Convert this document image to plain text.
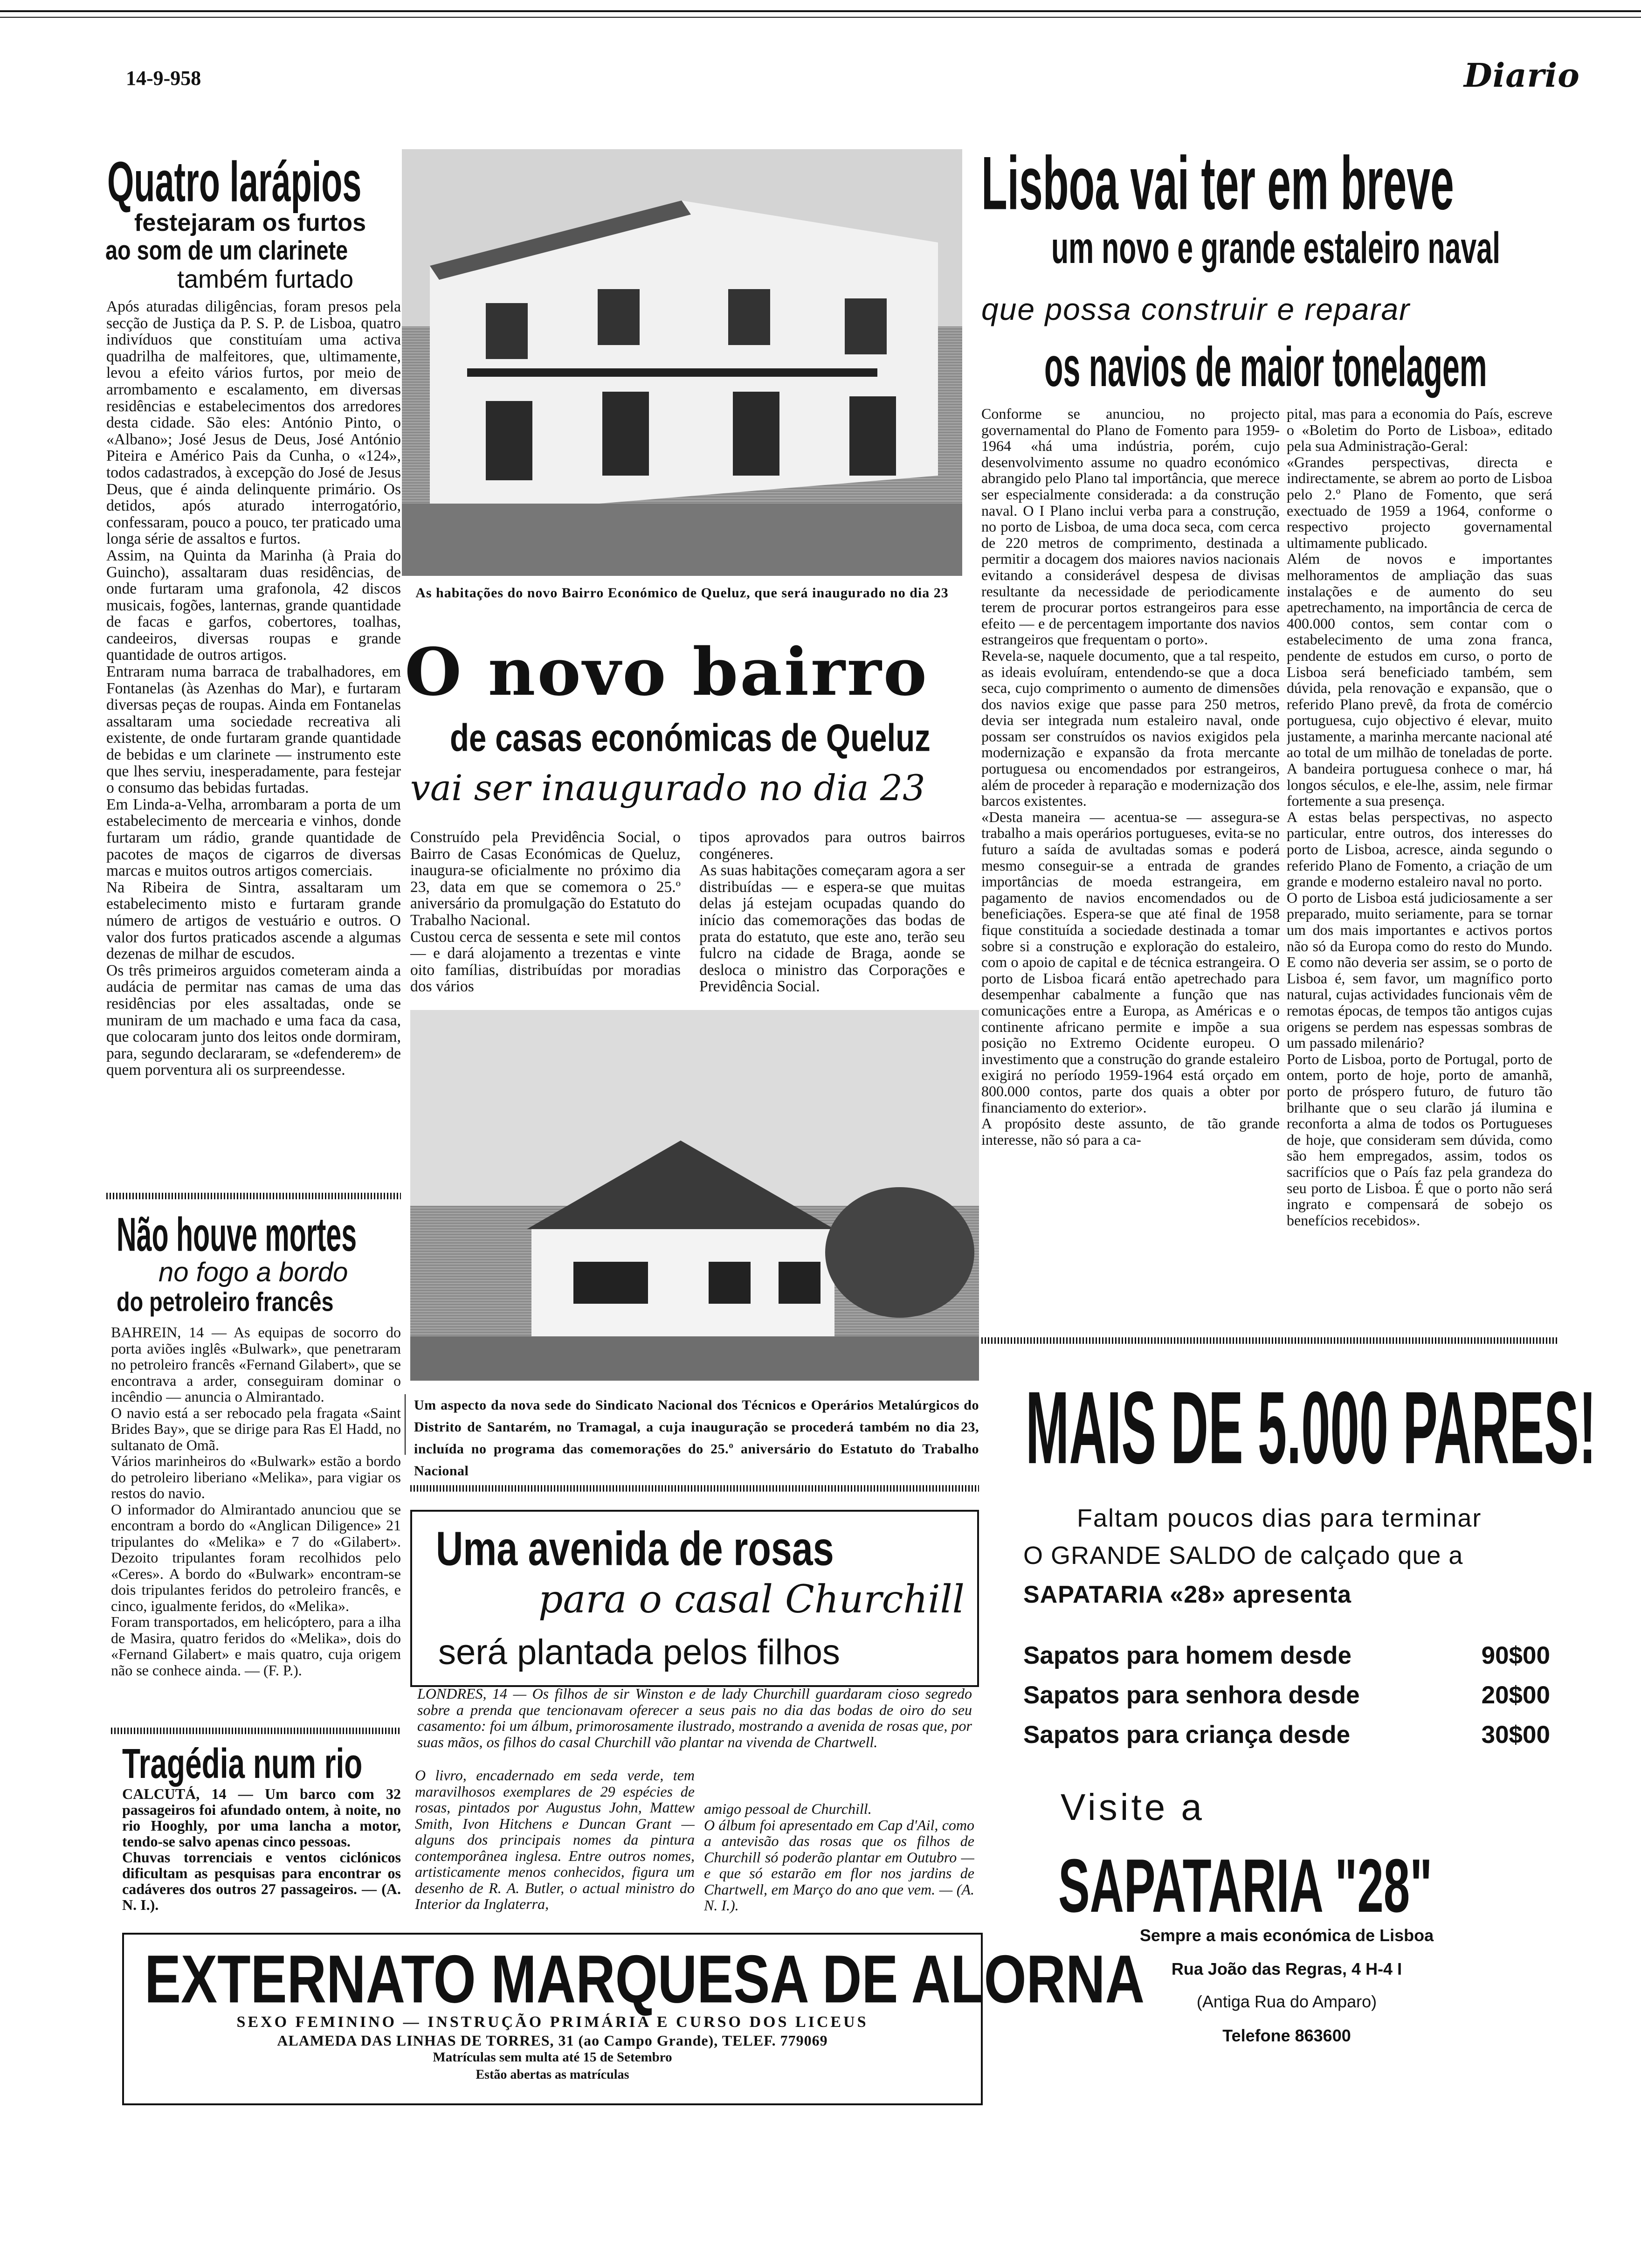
14-9-958	Diario
Quatro larápios
festejaram os furtos
ao som de um clarinete
também furtado
Após aturadas diligências, foram presos pela secção de Justiça da P. S. P. de Lisboa, quatro indivíduos que constituíam uma activa quadrilha de malfeitores, que, ultimamente, levou a efeito vários furtos, por meio de arrombamento e escalamento, em diversas residências e estabelecimentos dos arredores desta cidade. São eles: António Pinto, o «Albano»; José Jesus de Deus, José António Piteira e Américo Pais da Cunha, o «124», todos cadastrados, à excepção do José de Jesus Deus, que é ainda delinquente primário. Os detidos, após aturado interrogatório, confessaram, pouco a pouco, ter praticado uma longa série de assaltos e furtos.
Assim, na Quinta da Marinha (à Praia do Guincho), assaltaram duas residências, de onde furtaram uma grafonola, 42 discos musicais, fogões, lanternas, grande quantidade de facas e garfos, cobertores, toalhas, candeeiros, diversas roupas e grande quantidade de outros artigos.
Entraram numa barraca de trabalhadores, em Fontanelas (às Azenhas do Mar), e furtaram diversas peças de roupas. Ainda em Fontanelas assaltaram uma sociedade recreativa ali existente, de onde furtaram grande quantidade de bebidas e um clarinete — instrumento este que lhes serviu, inesperadamente, para festejar o consumo das bebidas furtadas.
Em Linda-a-Velha, arrombaram a porta de um estabelecimento de mercearia e vinhos, donde furtaram um rádio, grande quantidade de pacotes de maços de cigarros de diversas marcas e muitos outros artigos comerciais.
Na Ribeira de Sintra, assaltaram um estabelecimento misto e furtaram grande número de artigos de vestuário e outros. O valor dos furtos praticados ascende a algumas dezenas de milhar de escudos.
Os três primeiros arguidos cometeram ainda a audácia de permitar nas camas de uma das residências por eles assaltadas, onde se muniram de um machado e uma faca da casa, que colocaram junto dos leitos onde dormiram, para, segundo declararam, se «defenderem» de quem porventura ali os surpreendesse.
Não houve mortes
no fogo a bordo
do petroleiro francês
BAHREIN, 14 — As equipas de socorro do porta aviões inglês «Bulwark», que penetraram no petroleiro francês «Fernand Gilabert», que se encontrava a arder, conseguiram dominar o incêndio — anuncia o Almirantado.
O navio está a ser rebocado pela fragata «Saint Brides Bay», que se dirige para Ras El Hadd, no sultanato de Omã.
Vários marinheiros do «Bulwark» estão a bordo do petroleiro liberiano «Melika», para vigiar os restos do navio.
O informador do Almirantado anunciou que se encontram a bordo do «Anglican Diligence» 21 tripulantes do «Melika» e 7 do «Gilabert». Dezoito tripulantes foram recolhidos pelo «Ceres». A bordo do «Bulwark» encontram-se dois tripulantes feridos do petroleiro francês, e cinco, igualmente feridos, do «Melika».
Foram transportados, em helicóptero, para a ilha de Masira, quatro feridos do «Melika», dois do «Fernand Gilabert» e mais quatro, cuja origem não se conhece ainda. — (F. P.).
Tragédia num rio
CALCUTÁ, 14 — Um barco com 32 passageiros foi afundado ontem, à noite, no rio Hooghly, por uma lancha a motor, tendo-se salvo apenas cinco pessoas.
Chuvas torrenciais e ventos ciclónicos dificultam as pesquisas para encontrar os cadáveres dos outros 27 passageiros. — (A. N. I.).
As habitações do novo Bairro Económico de Queluz, que será inaugurado no dia 23
O novo bairro
de casas económicas de Queluz
vai ser inaugurado no dia 23
Construído pela Previdência Social, o Bairro de Casas Económicas de Queluz, inaugura-se oficialmente no próximo dia 23, data em que se comemora o 25.º aniversário da promulgação do Estatuto do Trabalho Nacional.
Custou cerca de sessenta e sete mil contos — e dará alojamento a trezentas e vinte oito famílias, distribuídas por moradias dos vários
tipos aprovados para outros bairros congéneres.
As suas habitações começaram agora a ser distribuídas — e espera-se que muitas delas já estejam ocupadas quando do início das comemorações das bodas de prata do estatuto, que este ano, terão seu fulcro na cidade de Braga, aonde se desloca o ministro das Corporações e Previdência Social.
Um aspecto da nova sede do Sindicato Nacional dos Técnicos e Operários Metalúrgicos do Distrito de Santarém, no Tramagal, a cuja inauguração se procederá também no dia 23, incluída no programa das comemorações do 25.º aniversário do Estatuto do Trabalho Nacional
Uma avenida de rosas
para o casal Churchill
será plantada pelos filhos
LONDRES, 14 — Os filhos de sir Winston e de lady Churchill guardaram cioso segredo sobre a prenda que tencionavam oferecer a seus pais no dia das bodas de oiro do seu casamento: foi um álbum, primorosamente ilustrado, mostrando a avenida de rosas que, por suas mãos, os filhos do casal Churchill vão plantar na vivenda de Chartwell.
O livro, encadernado em seda verde, tem maravilhosos exemplares de 29 espécies de rosas, pintados por Augustus John, Mattew Smith, Ivon Hitchens e Duncan Grant — alguns dos principais nomes da pintura contemporânea inglesa. Entre outros nomes, artisticamente menos conhecidos, figura um desenho de R. A. Butler, o actual ministro do Interior da Inglaterra,
amigo pessoal de Churchill.
O álbum foi apresentado em Cap d'Ail, como a antevisão das rosas que os filhos de Churchill só poderão plantar em Outubro — e que só estarão em flor nos jardins de Chartwell, em Março do ano que vem. — (A. N. I.).
EXTERNATO MARQUESA DE ALORNA
SEXO FEMININO — INSTRUÇÃO PRIMÁRIA E CURSO DOS LICEUS
ALAMEDA DAS LINHAS DE TORRES, 31 (ao Campo Grande), TELEF. 779069
Matrículas sem multa até 15 de Setembro
Estão abertas as matrículas
Lisboa vai ter em breve
um novo e grande estaleiro naval
que possa construir e reparar
os navios de maior tonelagem
Conforme se anunciou, no projecto governamental do Plano de Fomento para 1959-1964 «há uma indústria, porém, cujo desenvolvimento assume no quadro económico abrangido pelo Plano tal importância, que merece ser especialmente considerada: a da construção naval. O I Plano inclui verba para a construção, no porto de Lisboa, de uma doca seca, com cerca de 220 metros de comprimento, destinada a permitir a docagem dos maiores navios nacionais evitando a considerável despesa de divisas resultante da necessidade de periodicamente terem de procurar portos estrangeiros para esse efeito — e de percentagem importante dos navios estrangeiros que frequentam o porto».
Revela-se, naquele documento, que a tal respeito, as ideais evoluíram, entendendo-se que a doca seca, cujo comprimento o aumento de dimensões dos navios exige que passe para 250 metros, devia ser integrada num estaleiro naval, onde possam ser construídos os navios exigidos pela modernização e expansão da frota mercante portuguesa ou encomendados por estrangeiros, além de proceder à reparação e modernização dos barcos existentes.
«Desta maneira — acentua-se — assegura-se trabalho a mais operários portugueses, evita-se no futuro a saída de avultadas somas e poderá mesmo conseguir-se a entrada de grandes importâncias de moeda estrangeira, em pagamento de navios encomendados ou de beneficiações. Espera-se que até final de 1958 fique constituída a sociedade destinada a tomar sobre si a construção e exploração do estaleiro, com o apoio de capital e de técnica estrangeira. O porto de Lisboa ficará então apetrechado para desempenhar cabalmente a função que nas comunicações entre a Europa, as Américas e o continente africano permite e impõe a sua posição no Extremo Ocidente europeu. O investimento que a construção do grande estaleiro exigirá no período 1959-1964 está orçado em 800.000 contos, parte dos quais a obter por financiamento do exterior».
A propósito deste assunto, de tão grande interesse, não só para a ca-
pital, mas para a economia do País, escreve o «Boletim do Porto de Lisboa», editado pela sua Administração-Geral:
«Grandes perspectivas, directa e indirectamente, se abrem ao porto de Lisboa pelo 2.º Plano de Fomento, que será exectuado de 1959 a 1964, conforme o respectivo projecto governamental ultimamente publicado.
Além de novos e importantes melhoramentos de ampliação das suas instalações e de aumento do seu apetrechamento, na importância de cerca de 400.000 contos, sem contar com o estabelecimento de uma zona franca, pendente de estudos em curso, o porto de Lisboa será beneficiado também, sem dúvida, pela renovação e expansão, que o referido Plano prevê, da frota de comércio portuguesa, cujo objectivo é elevar, muito justamente, a marinha mercante nacional até ao total de um milhão de toneladas de porte. A bandeira portuguesa conhece o mar, há longos séculos, e ele-lhe, assim, nele firmar fortemente a sua presença.
A estas belas perspectivas, no aspecto particular, entre outros, dos interesses do porto de Lisboa, acresce, ainda segundo o referido Plano de Fomento, a criação de um grande e moderno estaleiro naval no porto.
O porto de Lisboa está judiciosamente a ser preparado, muito seriamente, para se tornar um dos mais importantes e activos portos não só da Europa como do resto do Mundo. E como não deveria ser assim, se o porto de Lisboa é, sem favor, um magnífico porto natural, cujas actividades funcionais vêm de remotas épocas, de tempos tão antigos cujas origens se perdem nas espessas sombras de um passado milenário?
Porto de Lisboa, porto de Portugal, porto de ontem, porto de hoje, porto de amanhã, porto de próspero futuro, de futuro tão brilhante que o seu clarão já ilumina e reconforta a alma de todos os Portugueses de hoje, que consideram sem dúvida, como são hem empregados, assim, todos os sacrifícios que o País faz pela grandeza do seu porto de Lisboa. É que o porto não será ingrato e compensará de sobejo os benefícios recebidos».
MAIS DE 5.000 PARES!
Faltam poucos dias para terminar
O GRANDE SALDO de calçado que a
SAPATARIA «28» apresenta
Sapatos para homem desde	90$00
Sapatos para senhora desde	20$00
Sapatos para criança desde	30$00
Visite a
SAPATARIA "28"
Sempre a mais económica de Lisboa
Rua João das Regras, 4 H-4 I
(Antiga Rua do Amparo)
Telefone 863600
